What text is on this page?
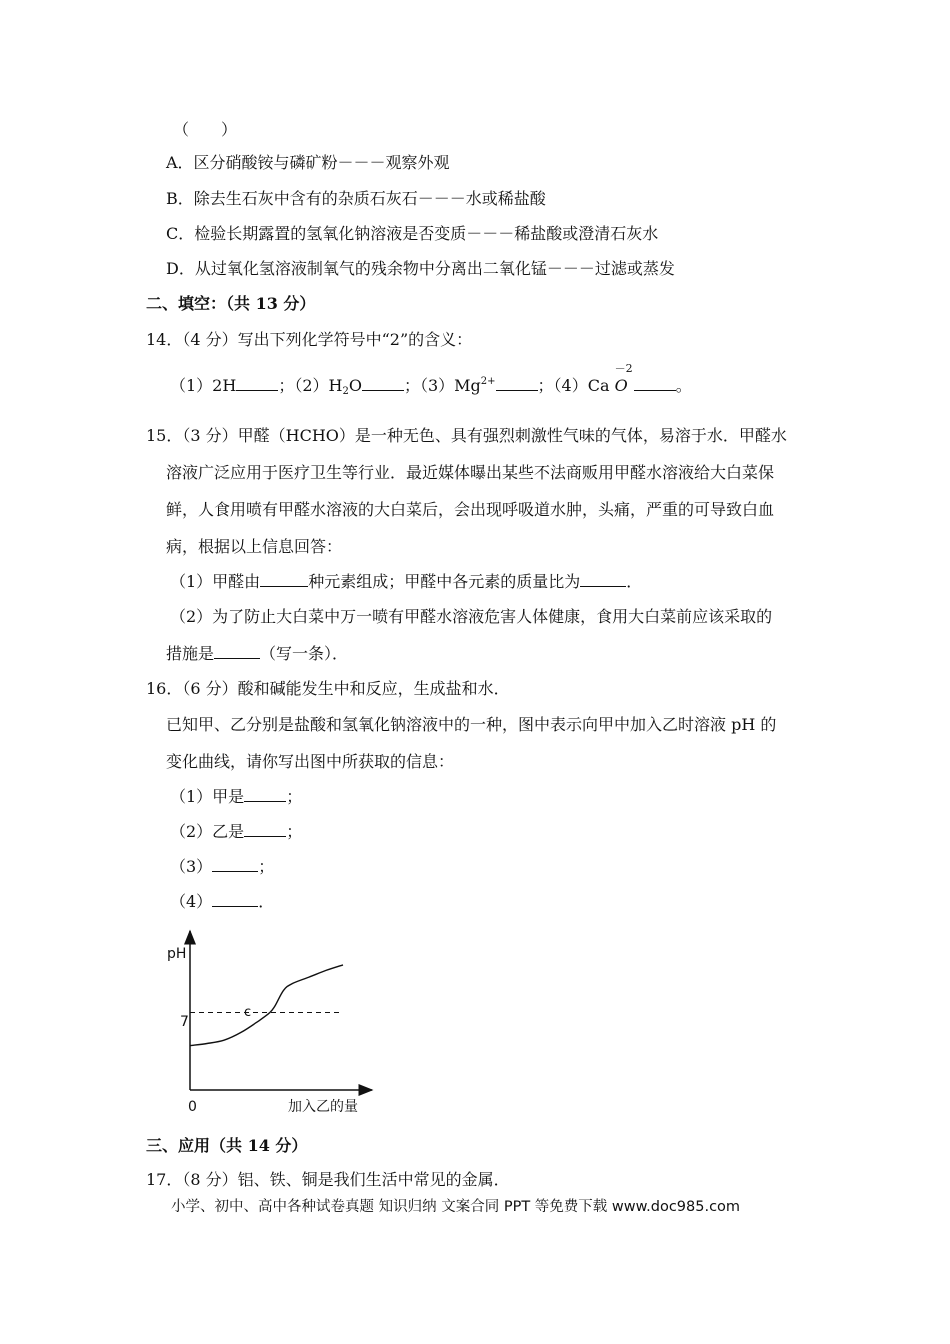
（　　）
A．区分硝酸铵与磷矿粉－－－观察外观
B．除去生石灰中含有的杂质石灰石－－－水或稀盐酸
C．检验长期露置的氢氧化钠溶液是否变质－－－稀盐酸或澄清石灰水
D．从过氧化氢溶液制氧气的残余物中分离出二氧化锰－－－过滤或蒸发
二、填空：（共 13 分）
14．（4 分）写出下列化学符号中“2”的含义：
（1）2H	；$(2)H_2O$	；$(3)Mg^{2+}$	；（4）Ca
－2
O	。
15．（3 分）甲醛（HCHO）是一种无色、具有强烈刺激性气味的气体，易溶于水．甲醛水
溶液广泛应用于医疗卫生等行业．最近媒体曝出某些不法商贩用甲醛水溶液给大白菜保
鲜，人食用喷有甲醛水溶液的大白菜后，会出现呼吸道水肿，头痛，严重的可导致白血
病，根据以上信息回答：
（1）甲醛由	种元素组成；甲醛中各元素的质量比为	．
（2）为了防止大白菜中万一喷有甲醛水溶液危害人体健康，食用大白菜前应该采取的
措施是	（写一条）．
16．（6 分）酸和碱能发生中和反应，生成盐和水．
已知甲、乙分别是盐酸和氢氧化钠溶液中的一种，图中表示向甲中加入乙时溶液 pH 的
变化曲线，请你写出图中所获取的信息：
（1）甲是	；
（2）乙是	；
（3）	；
（4）	．
pH
加入乙的量
0
7
c
三、应用（共 14 分）
17．（8 分）铝、铁、铜是我们生活中常见的金属．
小学、初中、高中各种试卷真题 知识归纳 文案合同 PPT 等免费下载 www.doc985.com
